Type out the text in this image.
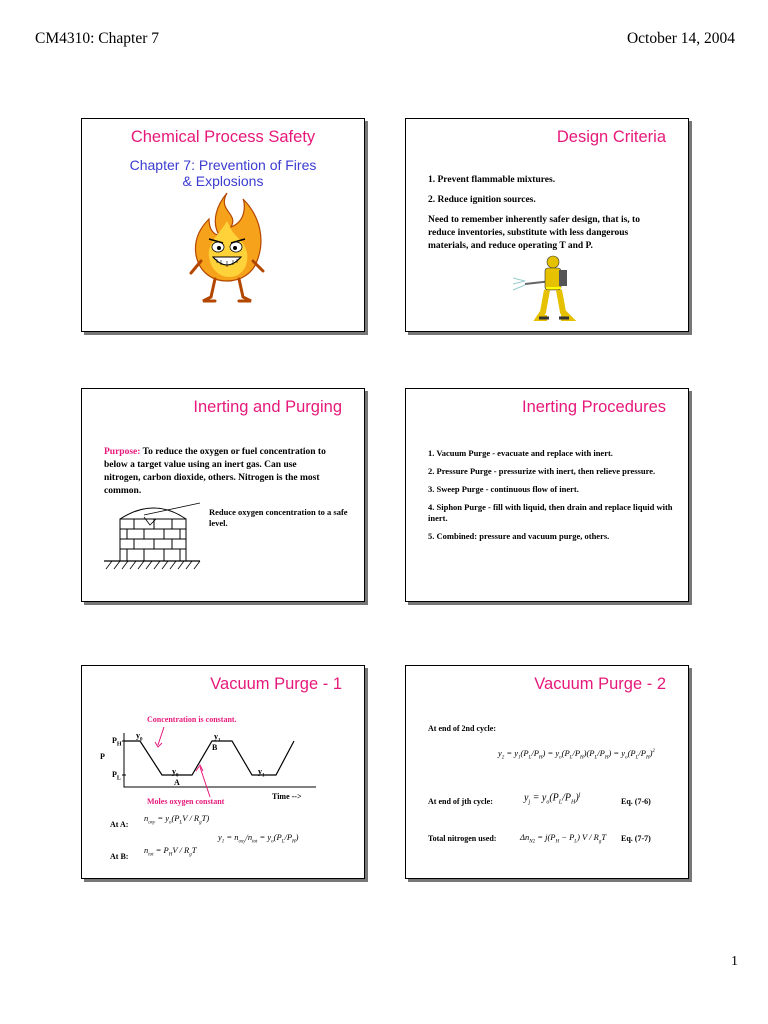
CM4310: Chapter 7	October 14, 2004
Chemical Process Safety
Chapter 7: Prevention of Fires
& Explosions
Design Criteria

1. Prevent flammable mixtures.

2. Reduce ignition sources.

Need to remember inherently safer design, that is, to reduce inventories, substitute with less dangerous materials, and reduce operating T and P.

Inerting and Purging
Purpose: To reduce the oxygen or fuel concentration to below a target value using an inert gas. Can use nitrogen, carbon dioxide, others. Nitrogen is the most common.
Reduce oxygen concentration to a safe level.
Inerting Procedures

1. Vacuum Purge - evacuate and replace with inert.

2. Pressure Purge - pressurize with inert, then relieve pressure.

3. Sweep Purge - continuous flow of inert.

4. Siphon Purge - fill with liquid, then drain and replace liquid with inert.

5. Combined: pressure and vacuum purge, others.

Vacuum Purge - 1
Concentration is constant.
$P_H$
$P_L$
P
$y_0$	$y_1$
B
$y_0$
A
$y_1$
Time -->
Moles oxygen constant
At A:
$n_{oxy} = y_o(P_LV / R_gT)$
At B:
$n_{tot} = P_HV / R_gT$
$y_1 = n_{oxy}/n_{tot} = y_o(P_L/P_H)$
Vacuum Purge - 2
At end of 2nd cycle:
$y_2 = y_1(P_L/P_H) = y_o(P_L/P_H)(P_L/P_H) = y_o(P_L/P_H)^2$
At end of jth cycle:	$y_j = y_o(P_L/P_H)^j$
Eq. (7-6)
Total nitrogen used:	$\Delta n_{N2} = j(P_H - P_L)$ V / $R_gT$ Eq. (7-7)
1
